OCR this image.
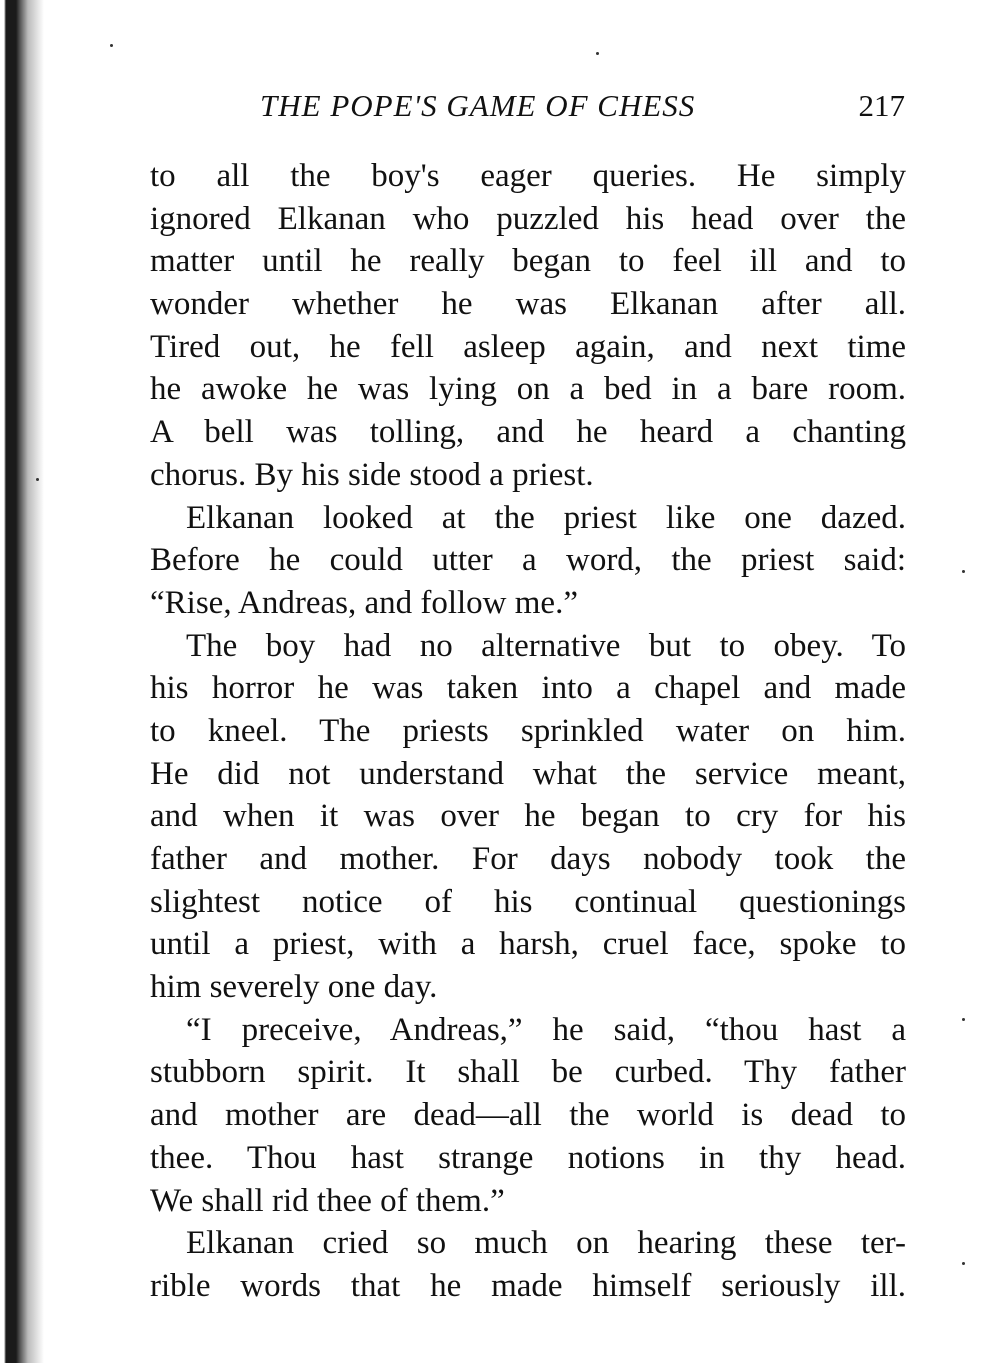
THE POPE'S GAME OF CHESS	217
to all the boy's eager queries. He simply
ignored Elkanan who puzzled his head over the
matter until he really began to feel ill and to
wonder whether he was Elkanan after all.
Tired out, he fell asleep again, and next time
he awoke he was lying on a bed in a bare room.
A bell was tolling, and he heard a chanting
chorus. By his side stood a priest.
Elkanan looked at the priest like one dazed.
Before he could utter a word, the priest said:
“Rise, Andreas, and follow me.”
The boy had no alternative but to obey. To
his horror he was taken into a chapel and made
to kneel. The priests sprinkled water on him.
He did not understand what the service meant,
and when it was over he began to cry for his
father and mother. For days nobody took the
slightest notice of his continual questionings
until a priest, with a harsh, cruel face, spoke to
him severely one day.
“I preceive, Andreas,” he said, “thou hast a
stubborn spirit. It shall be curbed. Thy father
and mother are dead—all the world is dead to
thee. Thou hast strange notions in thy head.
We shall rid thee of them.”
Elkanan cried so much on hearing these ter-
rible words that he made himself seriously ill.
